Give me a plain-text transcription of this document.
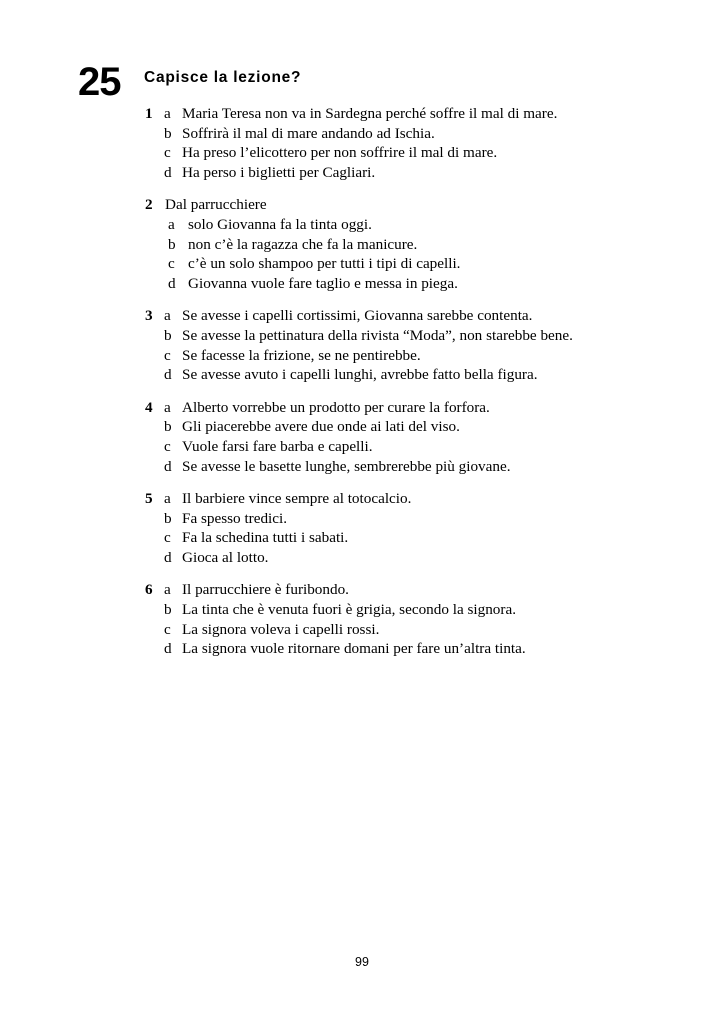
25 Capisce la lezione?
1 a Maria Teresa non va in Sardegna perché soffre il mal di mare.
b Soffrirà il mal di mare andando ad Ischia.
c Ha preso l’elicottero per non soffrire il mal di mare.
d Ha perso i biglietti per Cagliari.
2 Dal parrucchiere
a solo Giovanna fa la tinta oggi.
b non c’è la ragazza che fa la manicure.
c c’è un solo shampoo per tutti i tipi di capelli.
d Giovanna vuole fare taglio e messa in piega.
3 a Se avesse i capelli cortissimi, Giovanna sarebbe contenta.
b Se avesse la pettinatura della rivista “Moda”, non starebbe bene.
c Se facesse la frizione, se ne pentirebbe.
d Se avesse avuto i capelli lunghi, avrebbe fatto bella figura.
4 a Alberto vorrebbe un prodotto per curare la forfora.
b Gli piacerebbe avere due onde ai lati del viso.
c Vuole farsi fare barba e capelli.
d Se avesse le basette lunghe, sembrerebbe più giovane.
5 a Il barbiere vince sempre al totocalcio.
b Fa spesso tredici.
c Fa la schedina tutti i sabati.
d Gioca al lotto.
6 a Il parrucchiere è furibondo.
b La tinta che è venuta fuori è grigia, secondo la signora.
c La signora voleva i capelli rossi.
d La signora vuole ritornare domani per fare un’altra tinta.
99
